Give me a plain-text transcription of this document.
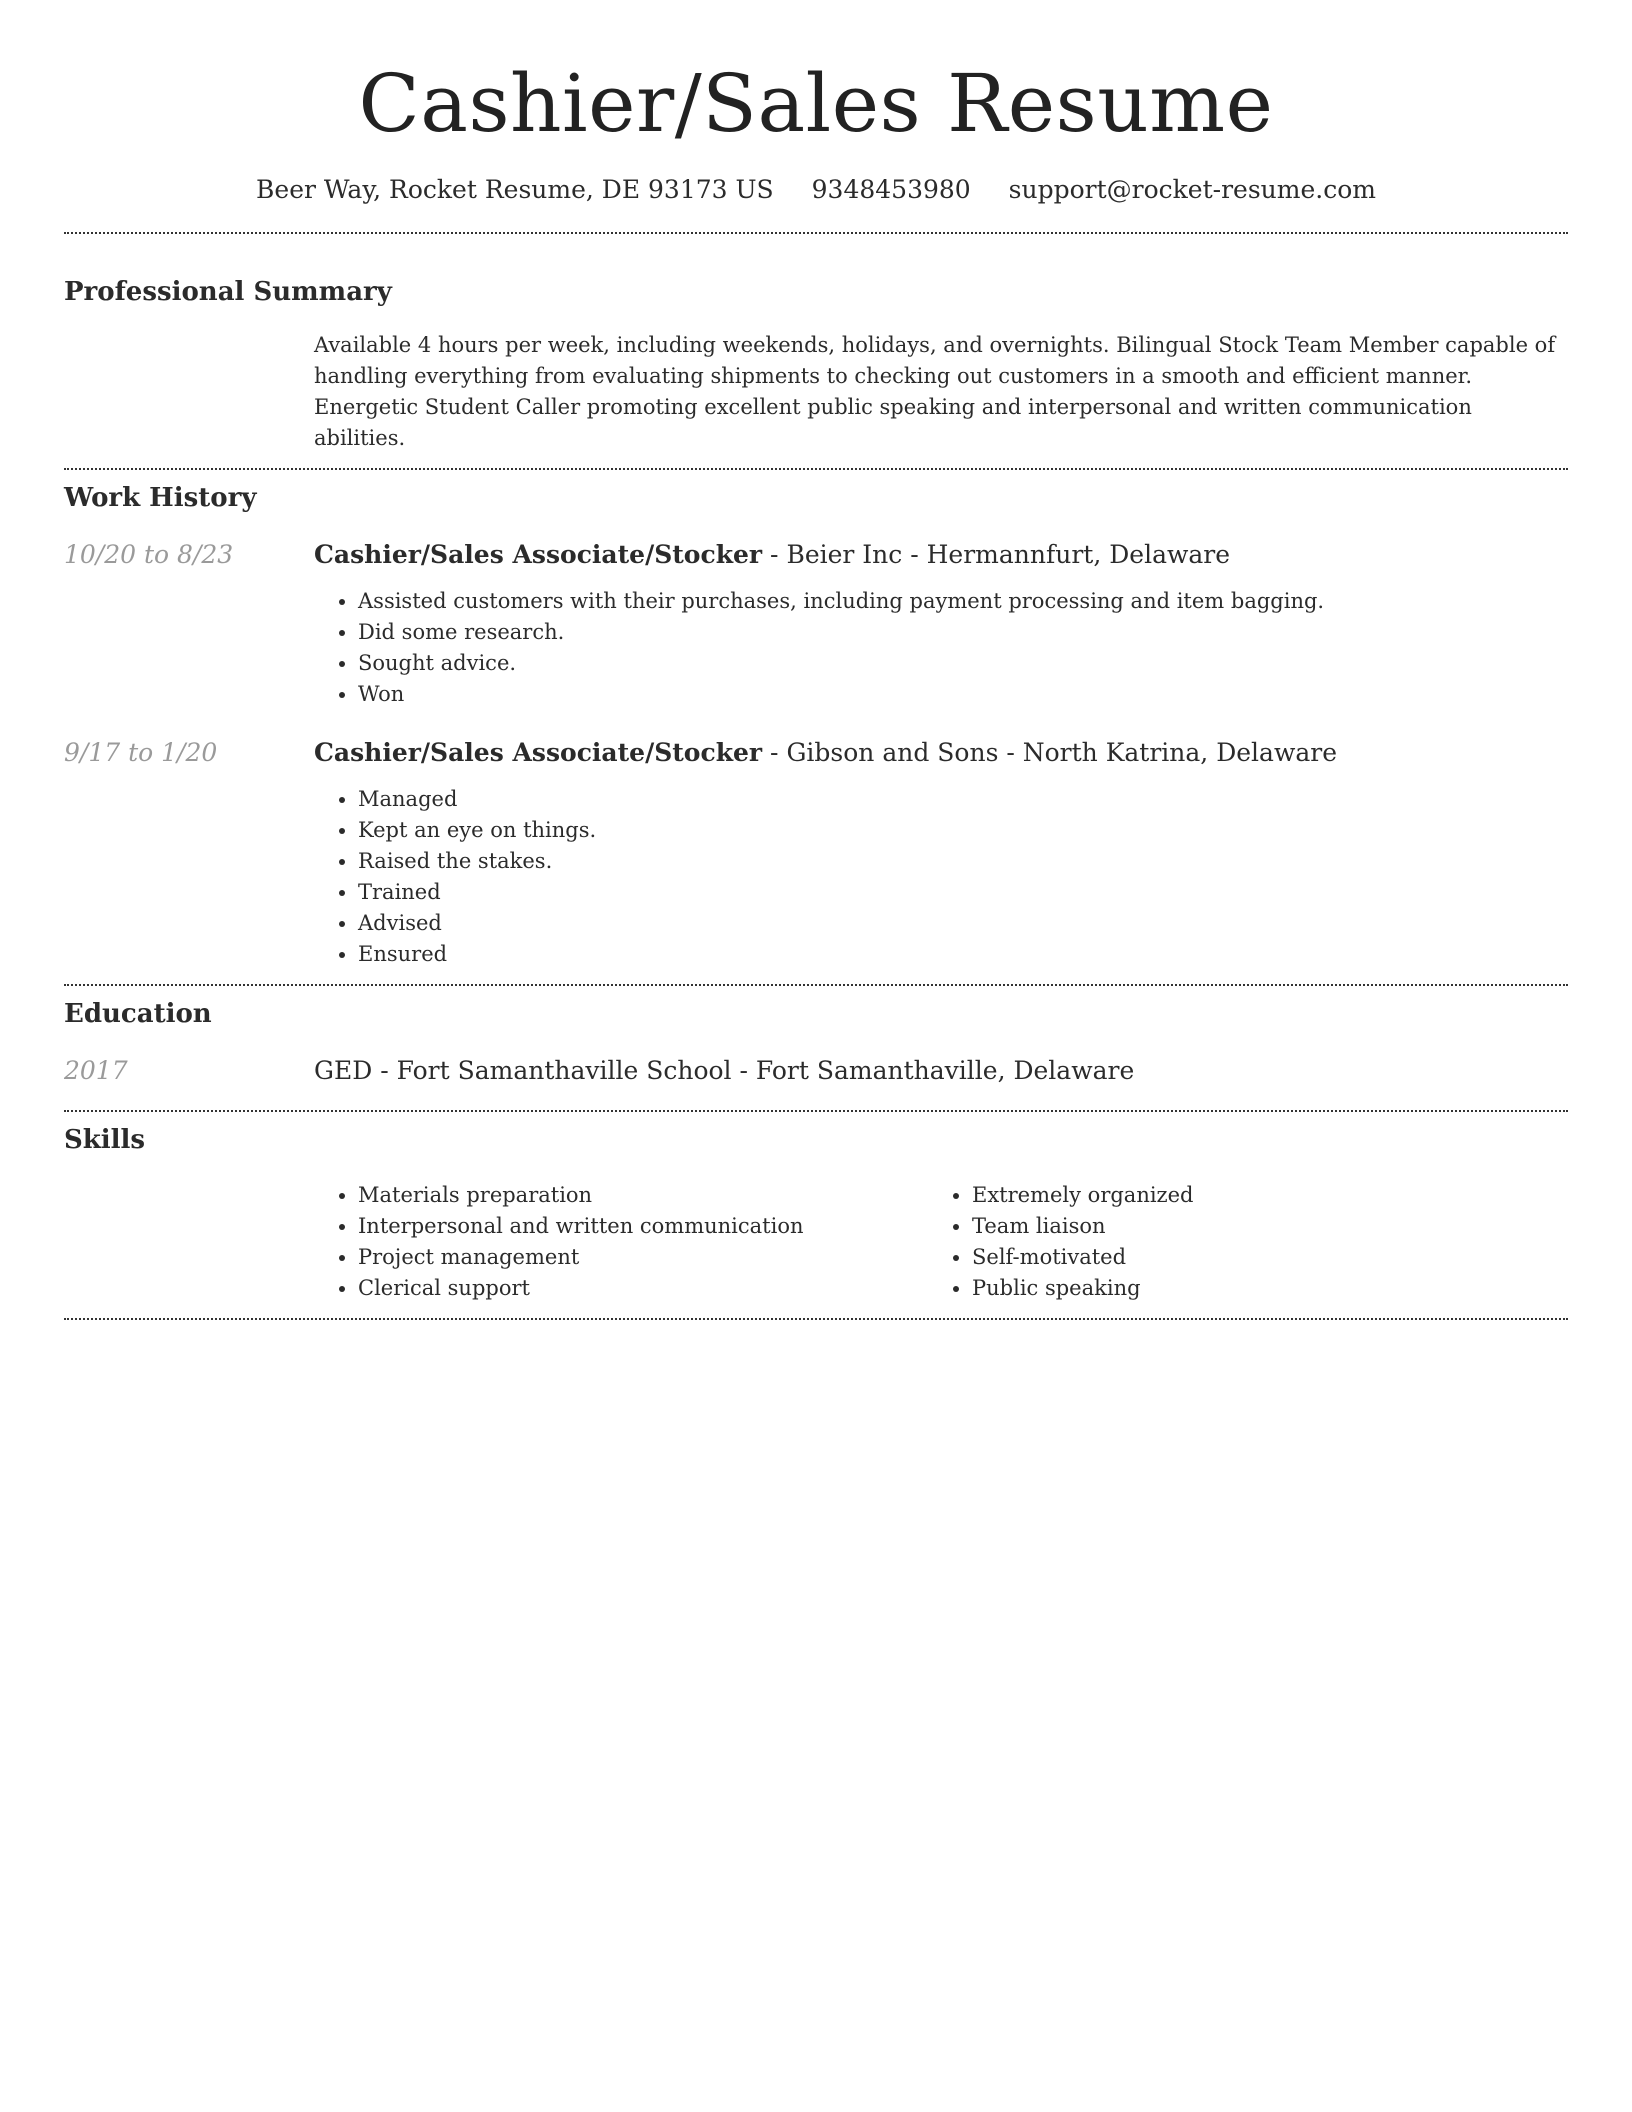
Cashier/Sales Resume
Beer Way, Rocket Resume, DE 93173 US 9348453980 support@rocket-resume.com
Professional Summary
Available 4 hours per week, including weekends, holidays, and overnights. Bilingual Stock Team Member capable of handling everything from evaluating shipments to checking out customers in a smooth and efficient manner. Energetic Student Caller promoting excellent public speaking and interpersonal and written communication abilities.
Work History
10/20 to 8/23	Cashier/Sales Associate/Stocker - Beier Inc - Hermannfurt, Delaware
• Assisted customers with their purchases, including payment processing and item bagging.
• Did some research.
• Sought advice.
• Won
9/17 to 1/20	Cashier/Sales Associate/Stocker - Gibson and Sons - North Katrina, Delaware
• Managed
• Kept an eye on things.
• Raised the stakes.
• Trained
• Advised
• Ensured
Education
2017	GED - Fort Samanthaville School - Fort Samanthaville, Delaware
Skills
• Materials preparation
• Interpersonal and written communication
• Project management
• Clerical support
• Extremely organized
• Team liaison
• Self-motivated
• Public speaking
